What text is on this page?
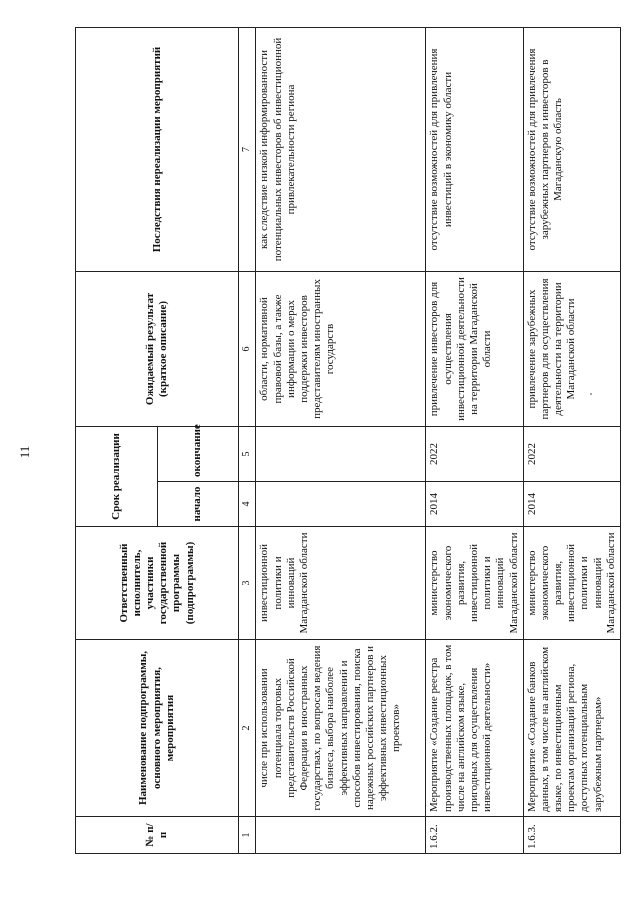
11
№ п/п	Наименование подпрограммы, основного мероприятия, мероприятия	Ответственный исполнитель, участники государственной программы (подпрограммы)	Срок реализации		Ожидаемый результат (краткое описание)	Последствия нереализации мероприятий
			начало	окончание		
1	2	3	4	5	6	7
	числе при использовании потенциала торговых представительств Российской Федерации в иностранных государствах, по вопросам ведения бизнеса, выбора наиболее эффективных направлений и способов инвестирования, поиска надежных российских партнеров и эффективных инвестиционных проектов»	инвестиционной политики и инноваций Магаданской области			области, нормативной правовой базы, а также информации о мерах поддержки инвесторов представителям иностранных государств	как следствие низкой информированности потенциальных инвесторов об инвестиционной привлекательности региона
1.6.2.	Мероприятие «Создание реестра производственных площадок, в том числе на английском языке, пригодных для осуществления инвестиционной деятельности»	министерство экономического развития, инвестиционной политики и инноваций Магаданской области	2014	2022	привлечение инвесторов для осуществления инвестиционной деятельности на территории Магаданской области	отсутствие возможностей для привлечения инвестиций в экономику области
1.6.3.	Мероприятие «Создание банков данных, в том числе на английском языке, по инвестиционным проектам организаций региона, доступных потенциальным зарубежным партнерам»	министерство экономического развития, инвестиционной политики и инноваций Магаданской области	2014	2022	привлечение зарубежных партнеров для осуществления деятельности на территории Магаданской области	отсутствие возможностей для привлечения зарубежных партнеров и инвесторов в Магаданскую область
